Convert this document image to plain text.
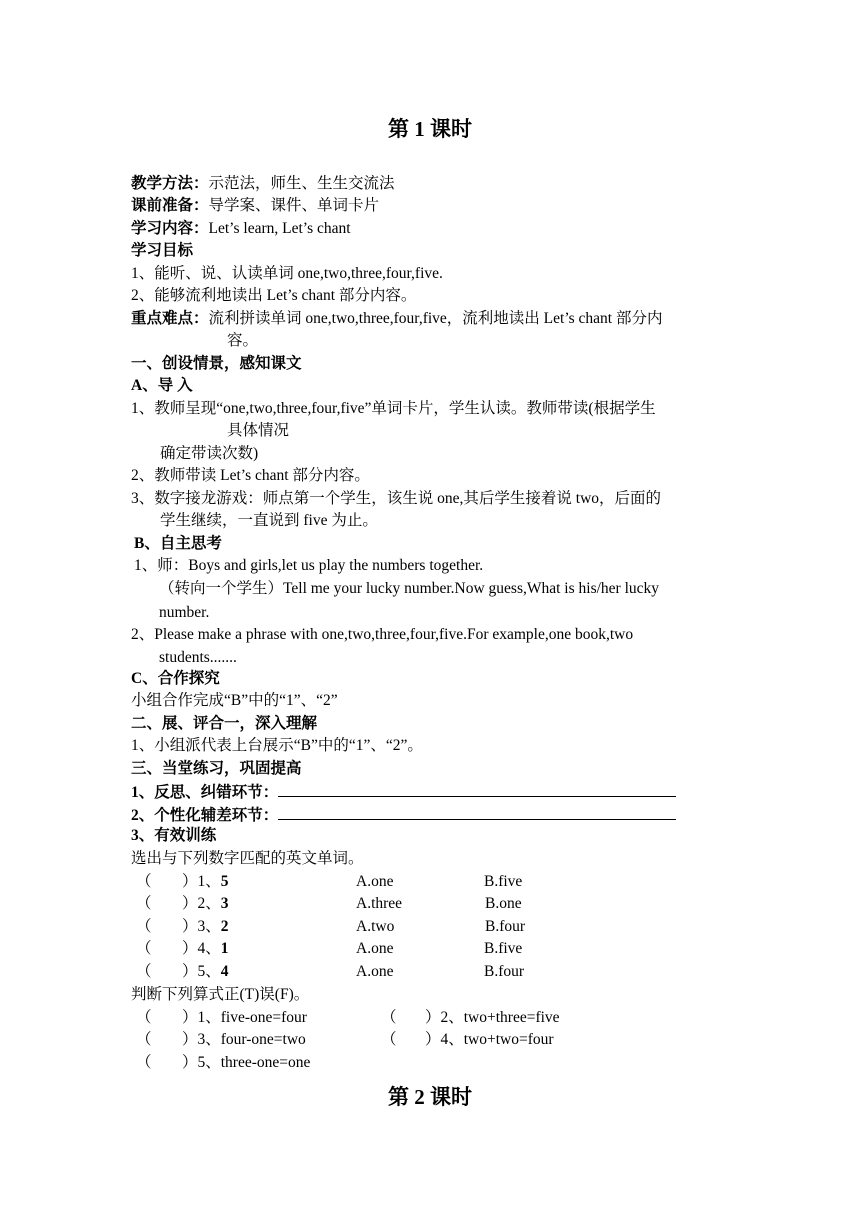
第 1 课时
教学方法：示范法，师生、生生交流法
课前准备：导学案、课件、单词卡片
学习内容：Let’s learn, Let’s chant
学习目标
1、能听、说、认读单词 one,two,three,four,five.
2、能够流利地读出 Let’s chant 部分内容。
重点难点：流利拼读单词 one,two,three,four,five，流利地读出 Let’s chant 部分内
容。
一、创设情景，感知课文
A、导 入
1、教师呈现“one,two,three,four,five”单词卡片，学生认读。教师带读(根据学生
具体情况
确定带读次数)
2、教师带读 Let’s chant 部分内容。
3、数字接龙游戏：师点第一个学生，该生说 one,其后学生接着说 two，后面的
学生继续，一直说到 five 为止。
B、自主思考
1、师：Boys and girls,let us play the numbers together.
（转向一个学生）Tell me your lucky number.Now guess,What is his/her lucky
number.
2、Please make a phrase with one,two,three,four,five.For example,one book,two
students.......
C、合作探究
小组合作完成“B”中的“1”、“2”
二、展、评合一，深入理解
1、小组派代表上台展示“B”中的“1”、“2”。
三、当堂练习，巩固提高
1、反思、纠错环节：
2、个性化辅差环节：
3、有效训练
选出与下列数字匹配的英文单词。
（ ）1、5	A.one	B.five
（ ）2、3	A.three	B.one
（ ）3、2	A.two	B.four
（ ）4、1	A.one	B.five
（ ）5、4	A.one	B.four
判断下列算式正(T)误(F)。
（ ）1、five-one=four	（ ）2、two+three=five
（ ）3、four-one=two	（ ）4、two+two=four
（ ）5、three-one=one
第 2 课时
